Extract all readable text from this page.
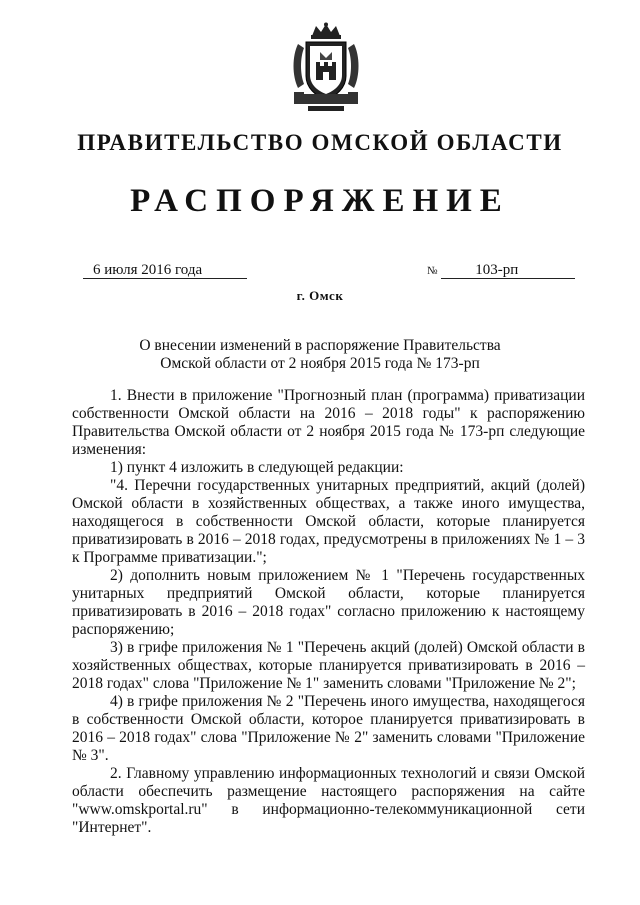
ПРАВИТЕЛЬСТВО ОМСКОЙ ОБЛАСТИ
РАСПОРЯЖЕНИЕ
6 июля 2016 года	№	103-рп
г. Омск
О внесении изменений в распоряжение Правительства
Омской области от 2 ноября 2015 года № 173-рп

1. Внести в приложение "Прогнозный план (программа) приватизации собственности Омской области на 2016 – 2018 годы" к распоряжению Правительства Омской области от 2 ноября 2015 года № 173-рп следующие изменения:

1) пункт 4 изложить в следующей редакции:

"4. Перечни государственных унитарных предприятий, акций (долей) Омской области в хозяйственных обществах, а также иного имущества, находящегося в собственности Омской области, которые планируется приватизировать в 2016 – 2018 годах, предусмотрены в приложениях № 1 – 3 к Программе приватизации.";

2) дополнить новым приложением № 1 "Перечень государственных унитарных предприятий Омской области, которые планируется приватизировать в 2016 – 2018 годах" согласно приложению к настоящему распоряжению;

3) в грифе приложения № 1 "Перечень акций (долей) Омской области в хозяйственных обществах, которые планируется приватизировать в 2016 – 2018 годах" слова "Приложение № 1" заменить словами "Приложение № 2";

4) в грифе приложения № 2 "Перечень иного имущества, находящегося в собственности Омской области, которое планируется приватизировать в 2016 – 2018 годах" слова "Приложение № 2" заменить словами "Приложение № 3".

2. Главному управлению информационных технологий и связи Омской области обеспечить размещение настоящего распоряжения на сайте "www.omskportal.ru" в информационно-телекоммуникационной сети "Интернет".
